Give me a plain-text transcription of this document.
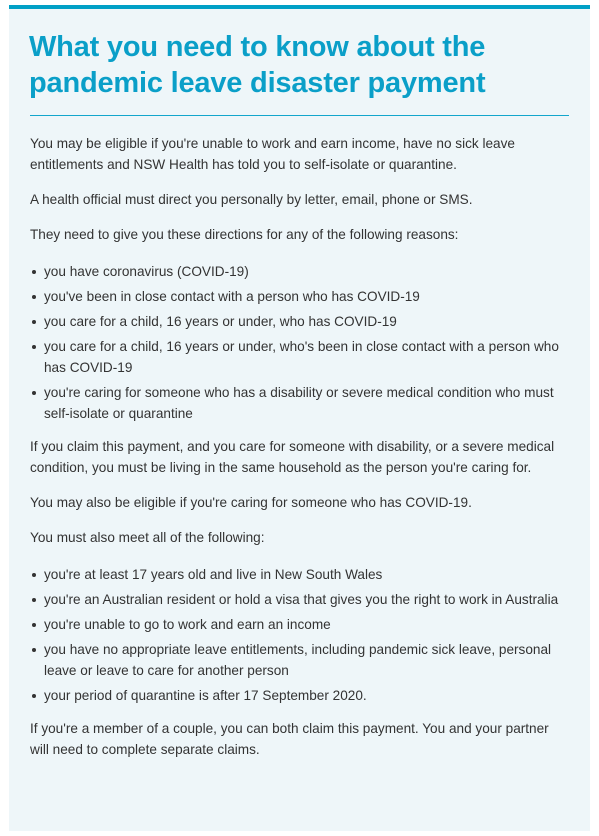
What you need to know about the pandemic leave disaster payment

You may be eligible if you're unable to work and earn income, have no sick leave entitlements and NSW Health has told you to self-isolate or quarantine.

A health official must direct you personally by letter, email, phone or SMS.

They need to give you these directions for any of the following reasons:

you have coronavirus (COVID-19)
you've been in close contact with a person who has COVID-19
you care for a child, 16 years or under, who has COVID-19
you care for a child, 16 years or under, who's been in close contact with a person who has COVID-19
you're caring for someone who has a disability or severe medical condition who must self-isolate or quarantine

If you claim this payment, and you care for someone with disability, or a severe medical condition, you must be living in the same household as the person you're caring for.

You may also be eligible if you're caring for someone who has COVID-19.

You must also meet all of the following:

you're at least 17 years old and live in New South Wales
you're an Australian resident or hold a visa that gives you the right to work in Australia
you're unable to go to work and earn an income
you have no appropriate leave entitlements, including pandemic sick leave, personal leave or leave to care for another person
your period of quarantine is after 17 September 2020.

If you're a member of a couple, you can both claim this payment. You and your partner will need to complete separate claims.
